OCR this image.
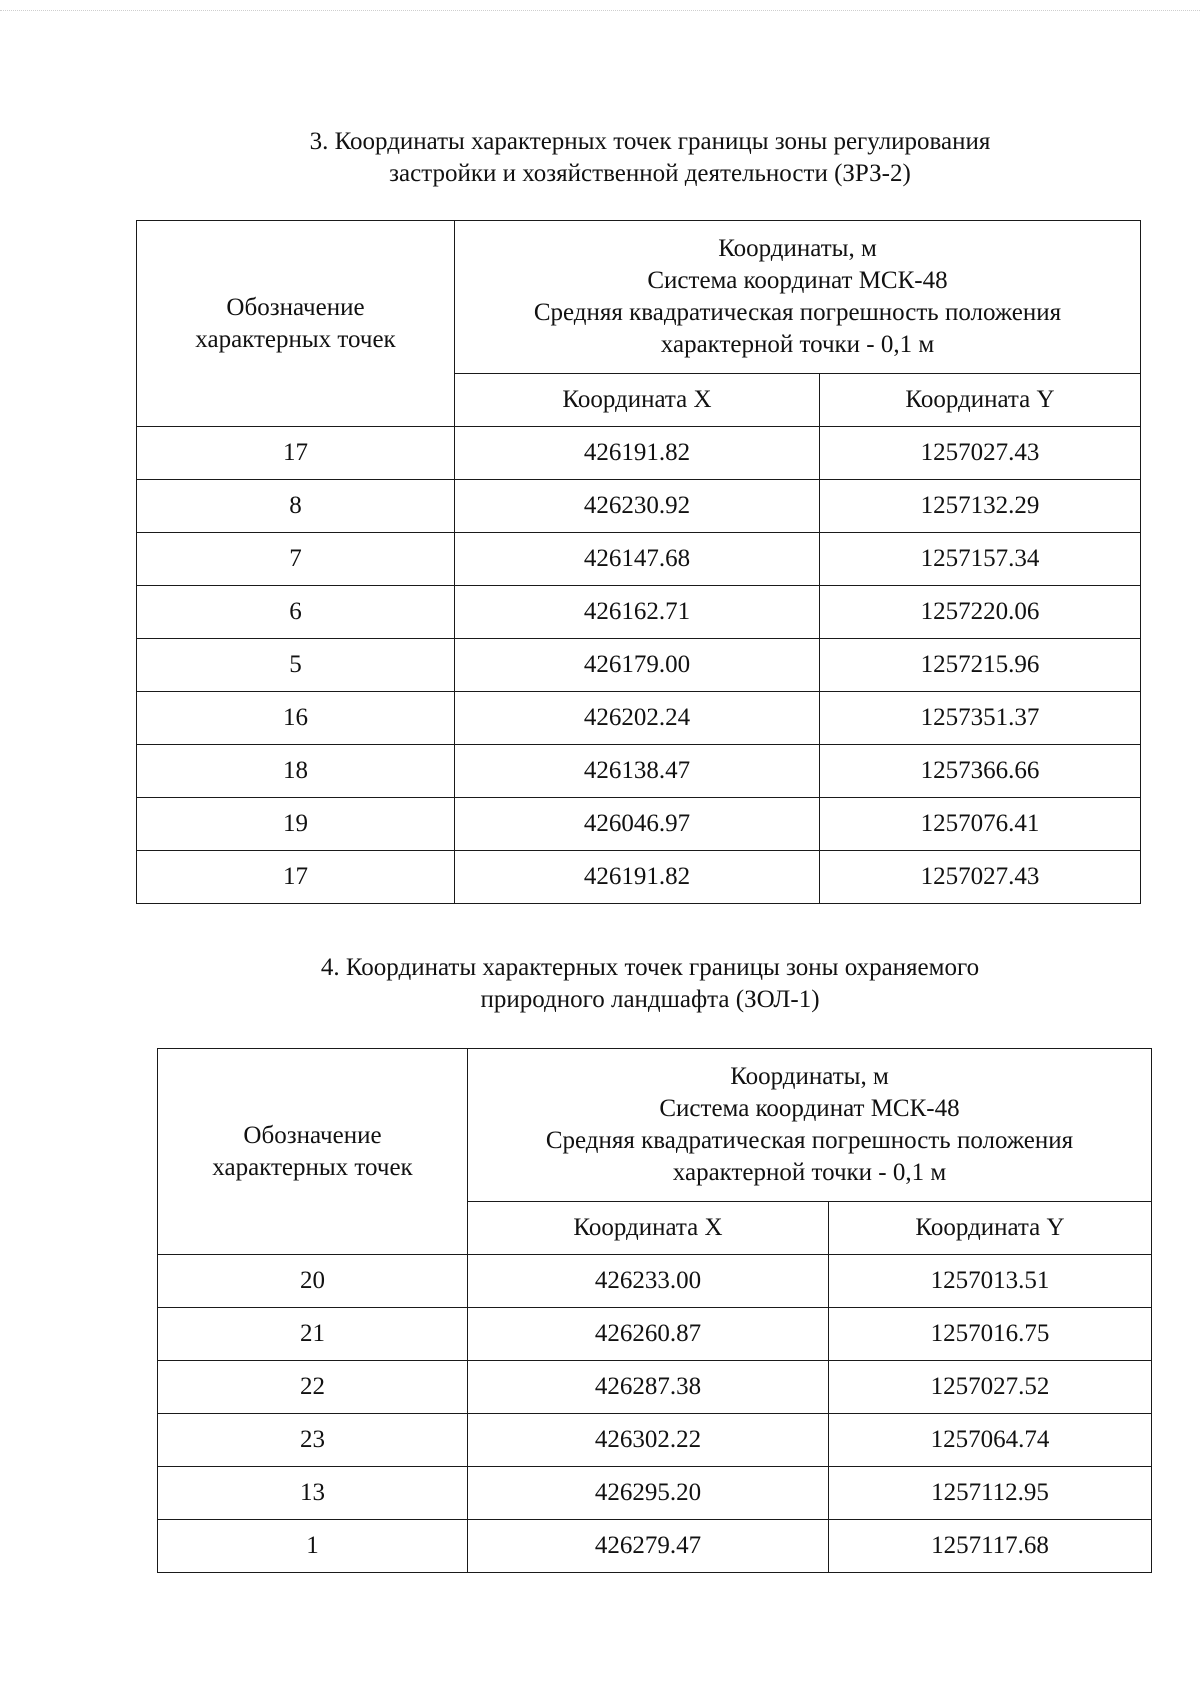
3. Координаты характерных точек границы зоны регулирования
застройки и хозяйственной деятельности (ЗРЗ-2)
Обозначение
характерных точек	Координаты, м
Система координат МСК-48
Средняя квадратическая погрешность положения
характерной точки - 0,1 м	

	Координата X	Координата Y
17	426191.82	1257027.43
8	426230.92	1257132.29
7	426147.68	1257157.34
6	426162.71	1257220.06
5	426179.00	1257215.96
16	426202.24	1257351.37
18	426138.47	1257366.66
19	426046.97	1257076.41
17	426191.82	1257027.43
4. Координаты характерных точек границы зоны охраняемого
природного ландшафта (ЗОЛ-1)
Обозначение
характерных точек	Координаты, м
Система координат МСК-48
Средняя квадратическая погрешность положения
характерной точки - 0,1 м	

	Координата X	Координата Y
20	426233.00	1257013.51
21	426260.87	1257016.75
22	426287.38	1257027.52
23	426302.22	1257064.74
13	426295.20	1257112.95
1	426279.47	1257117.68
